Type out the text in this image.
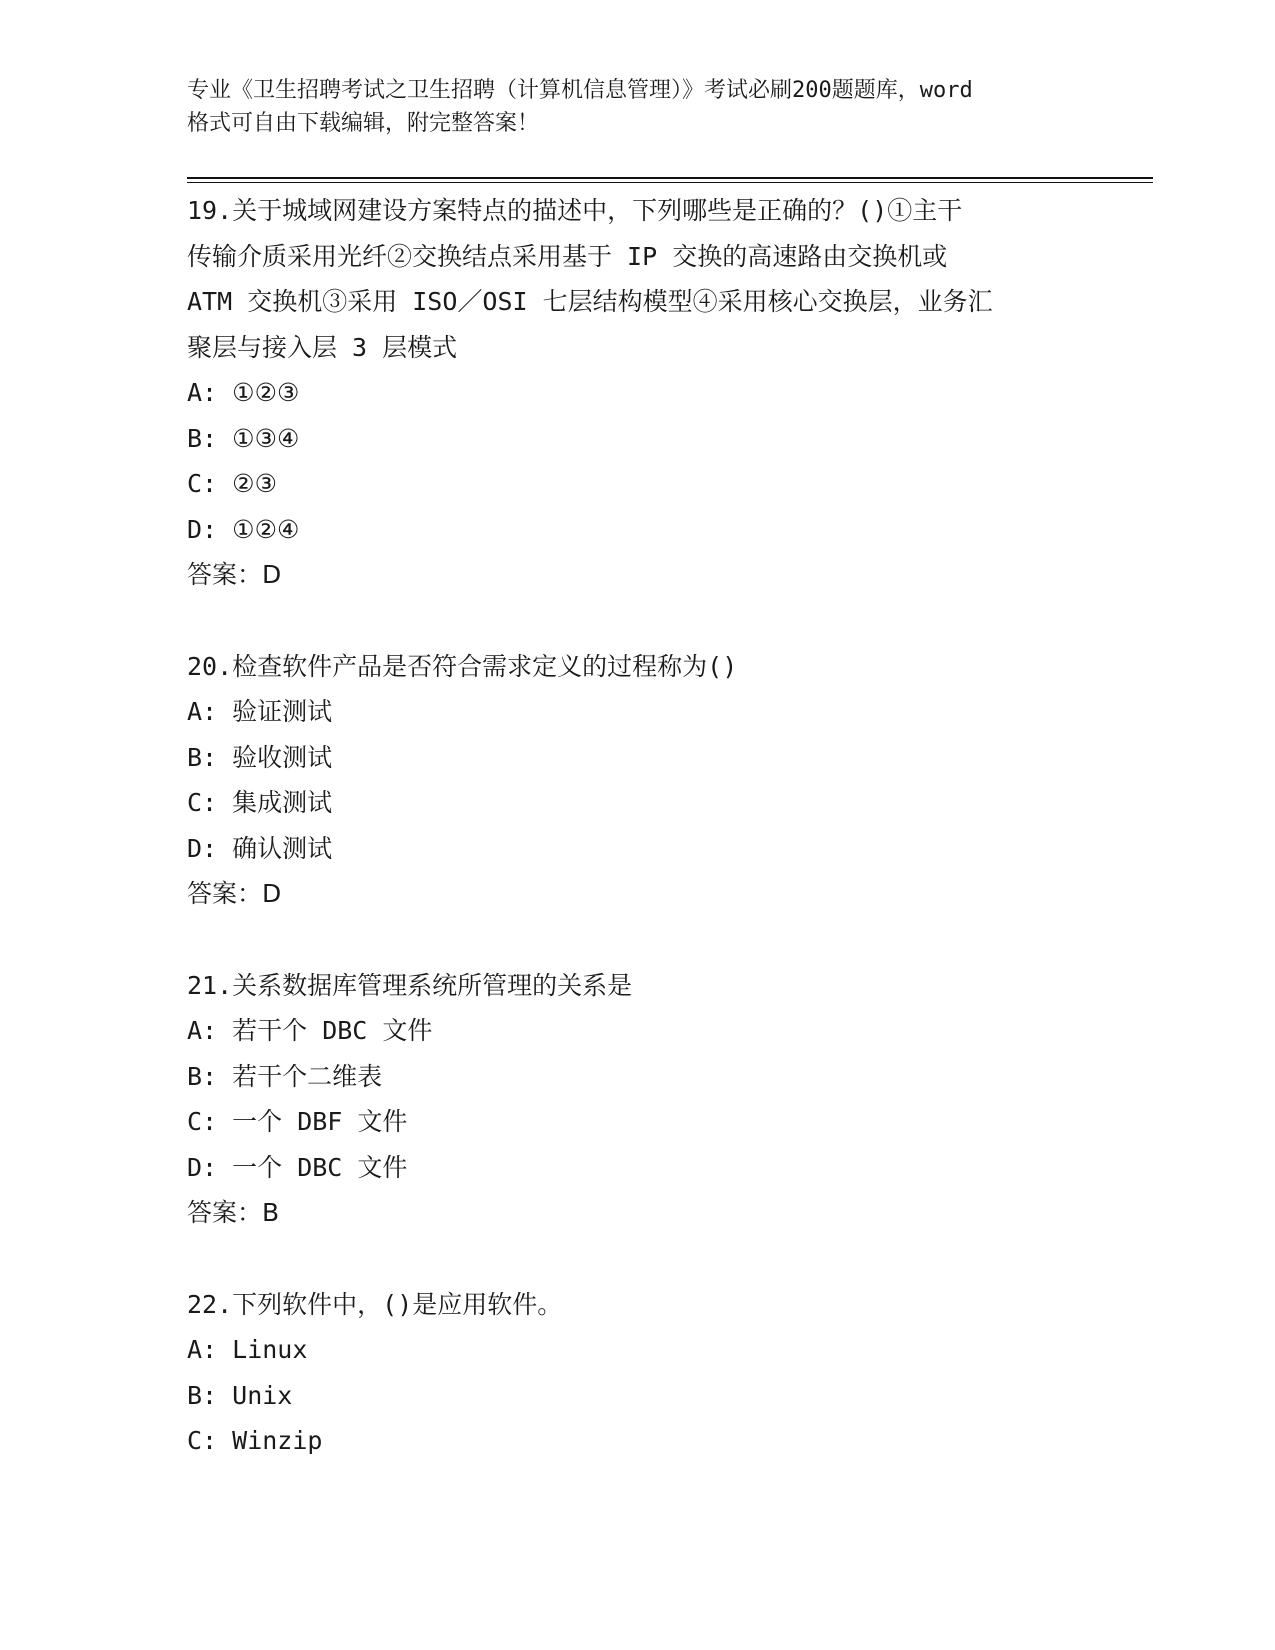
专业《卫生招聘考试之卫生招聘（计算机信息管理）》考试必刷200题题库，word
格式可自由下载编辑，附完整答案！

19.关于城域网建设方案特点的描述中，下列哪些是正确的？()①主干

传输介质采用光纤②交换结点采用基于 IP 交换的高速路由交换机或

ATM 交换机③采用 ISO／OSI 七层结构模型④采用核心交换层，业务汇

聚层与接入层 3 层模式

A: ①②③

B: ①③④

C: ②③

D: ①②④

答案：D

20.检查软件产品是否符合需求定义的过程称为()

A: 验证测试

B: 验收测试

C: 集成测试

D: 确认测试

答案：D

21.关系数据库管理系统所管理的关系是

A: 若干个 DBC 文件

B: 若干个二维表

C: 一个 DBF 文件

D: 一个 DBC 文件

答案：B

22.下列软件中，()是应用软件。

A: Linux

B: Unix

C: Winzip
